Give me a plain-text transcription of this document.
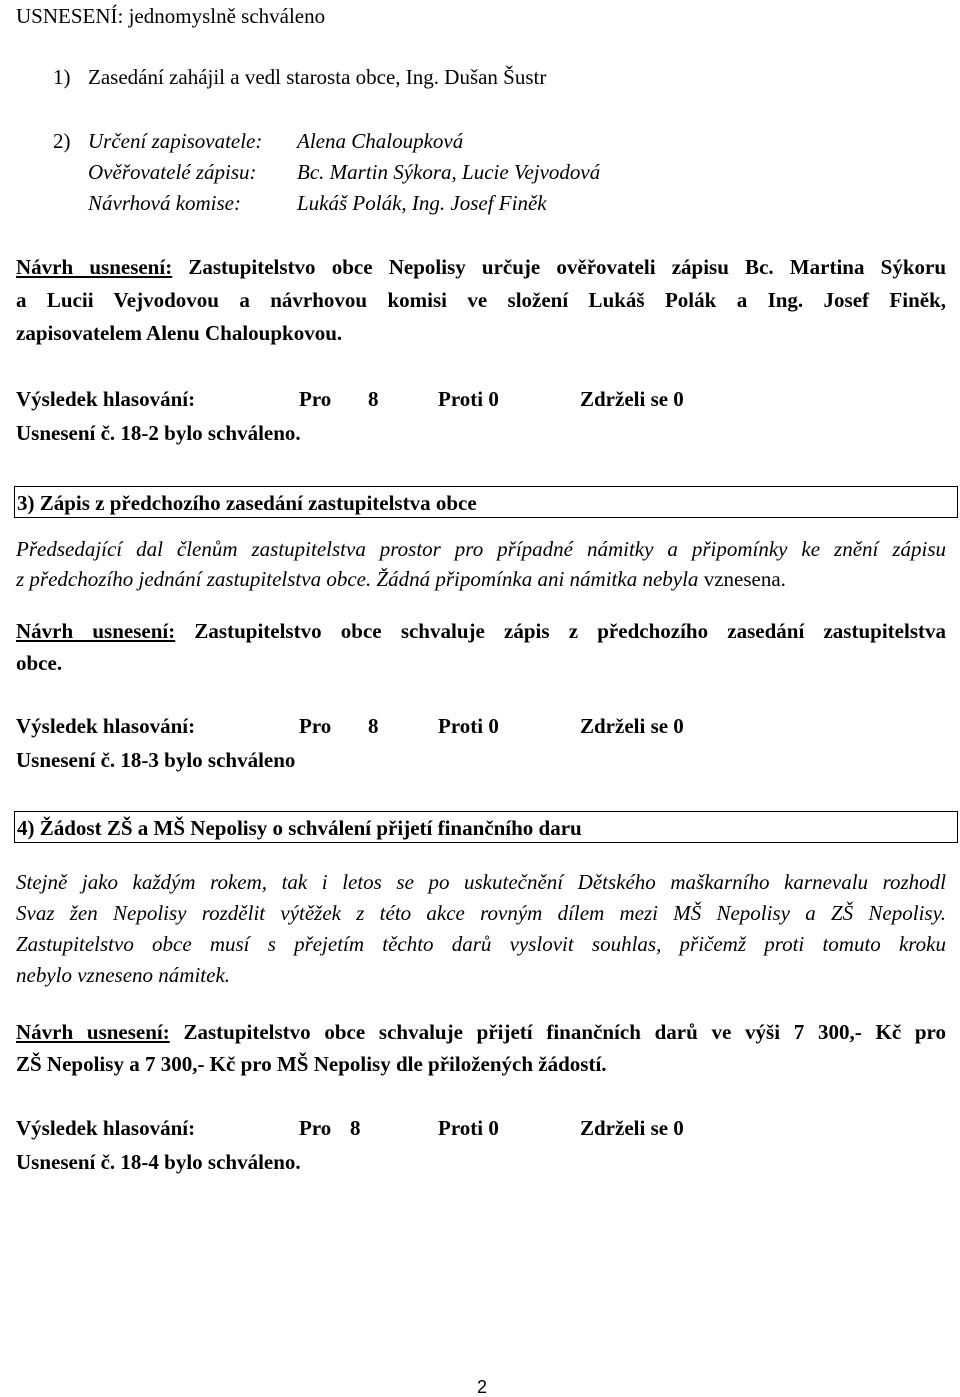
USNESENÍ: jednomyslně schváleno
1) Zasedání zahájil a vedl starosta obce, Ing. Dušan Šustr
2) Určení zapisovatele: Alena Chaloupková
Ověřovatelé zápisu: Bc. Martin Sýkora, Lucie Vejvodová
Návrhová komise:	Lukáš Polák, Ing. Josef Finěk
Návrh usnesení: Zastupitelstvo obce Nepolisy určuje ověřovateli zápisu Bc. Martina Sýkoru
a Lucii Vejvodovou a návrhovou komisi ve složení Lukáš Polák a Ing. Josef Finěk,
zapisovatelem Alenu Chaloupkovou.
Výsledek hlasování:	Pro 8	Proti 0	Zdrželi se 0
Usnesení č. 18-2 bylo schváleno.
3) Zápis z předchozího zasedání zastupitelstva obce
Předsedající dal členům zastupitelstva prostor pro případné námitky a připomínky ke znění zápisu
z předchozího jednání zastupitelstva obce. Žádná připomínka ani námitka nebyla vznesena.
Návrh usnesení: Zastupitelstvo obce schvaluje zápis z předchozího zasedání zastupitelstva
obce.
Výsledek hlasování:	Pro 8	Proti 0	Zdrželi se 0
Usnesení č. 18-3 bylo schváleno
4) Žádost ZŠ a MŠ Nepolisy o schválení přijetí finančního daru
Stejně jako každým rokem, tak i letos se po uskutečnění Dětského maškarního karnevalu rozhodl
Svaz žen Nepolisy rozdělit výtěžek z této akce rovným dílem mezi MŠ Nepolisy a ZŠ Nepolisy.
Zastupitelstvo obce musí s přejetím těchto darů vyslovit souhlas, přičemž proti tomuto kroku
nebylo vzneseno námitek.
Návrh usnesení: Zastupitelstvo obce schvaluje přijetí finančních darů ve výši 7 300,- Kč pro
ZŠ Nepolisy a 7 300,- Kč pro MŠ Nepolisy dle přiložených žádostí.
Výsledek hlasování:	Pro 8	Proti 0	Zdrželi se 0
Usnesení č. 18-4 bylo schváleno.
2
